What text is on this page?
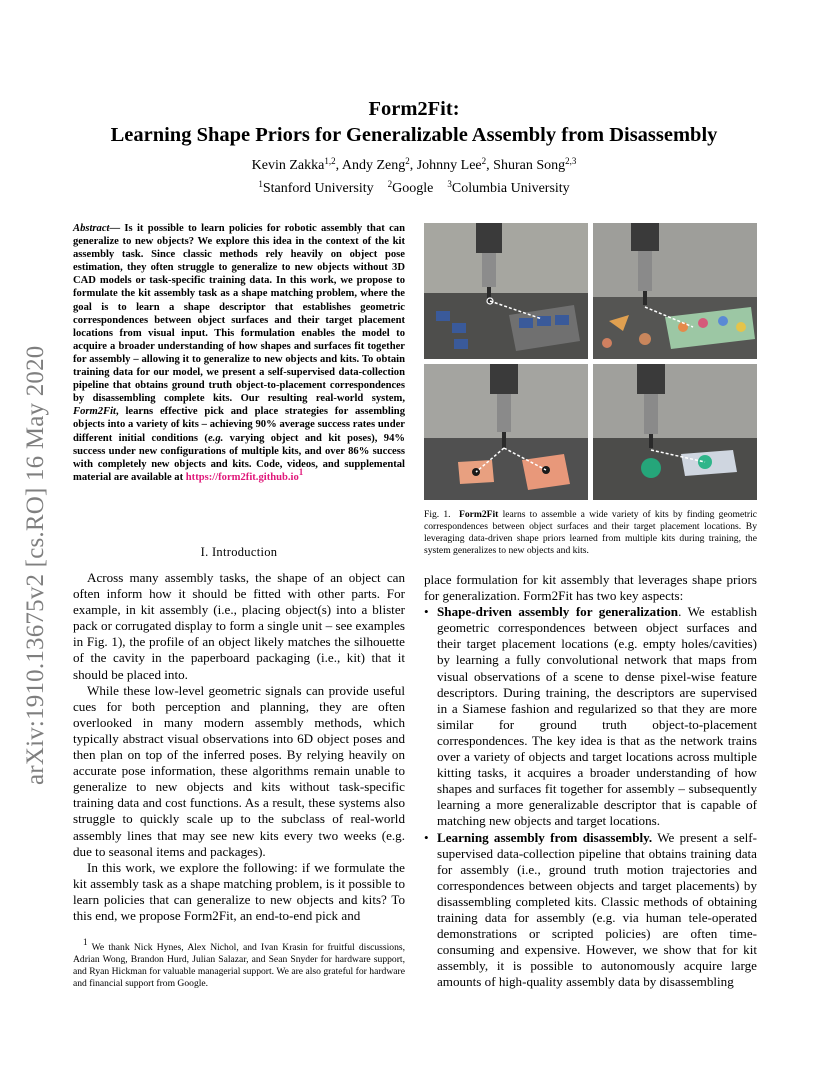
arXiv:1910.13675v2 [cs.RO] 16 May 2020
Form2Fit:
Learning Shape Priors for Generalizable Assembly from Disassembly
Kevin Zakka$^{1,2}$, Andy Zeng$^2$, Johnny Lee$^2$, Shuran Song$^{2,3}$
$^1$Stanford University $^2$Google $^3$Columbia University
Abstract— Is it possible to learn policies for robotic assembly that can generalize to new objects? We explore this idea in the context of the kit assembly task. Since classic methods rely heavily on object pose estimation, they often struggle to generalize to new objects without 3D CAD models or task-specific training data. In this work, we propose to formulate the kit assembly task as a shape matching problem, where the goal is to learn a shape descriptor that establishes geometric correspondences between object surfaces and their target placement locations from visual input. This formulation enables the model to acquire a broader understanding of how shapes and surfaces fit together for assembly – allowing it to generalize to new objects and kits. To obtain training data for our model, we present a self-supervised data-collection pipeline that obtains ground truth object-to-placement correspondences by disassembling complete kits. Our resulting real-world system, Form2Fit, learns effective pick and place strategies for assembling objects into a variety of kits – achieving 90% average success rates under different initial conditions (e.g. varying object and kit poses), 94% success under new configurations of multiple kits, and over 86% success with completely new objects and kits. Code, videos, and supplemental material are available at $https://form2fit.github.io^1$
I. Introduction

Across many assembly tasks, the shape of an object can often inform how it should be fitted with other parts. For example, in kit assembly (i.e., placing object(s) into a blister pack or corrugated display to form a single unit – see examples in Fig. 1), the profile of an object likely matches the silhouette of the cavity in the paperboard packaging (i.e., kit) that it should be placed into.

While these low-level geometric signals can provide useful cues for both perception and planning, they are often overlooked in many modern assembly methods, which typically abstract visual observations into 6D object poses and then plan on top of the inferred poses. By relying heavily on accurate pose information, these algorithms remain unable to generalize to new objects and kits without task-specific training data and cost functions. As a result, these systems also struggle to quickly scale up to the subclass of real-world assembly lines that may see new kits every two weeks (e.g. due to seasonal items and packages).

In this work, we explore the following: if we formulate the kit assembly task as a shape matching problem, is it possible to learn policies that can generalize to new objects and kits? To this end, we propose Form2Fit, an end-to-end pick and

$^1$ We thank Nick Hynes, Alex Nichol, and Ivan Krasin for fruitful discussions, Adrian Wong, Brandon Hurd, Julian Salazar, and Sean Snyder for hardware support, and Ryan Hickman for valuable managerial support. We are also grateful for hardware and financial support from Google.

Fig. 1. Form2Fit learns to assemble a wide variety of kits by finding geometric correspondences between object surfaces and their target placement locations. By leveraging data-driven shape priors learned from multiple kits during training, the system generalizes to new objects and kits.

place formulation for kit assembly that leverages shape priors for generalization. Form2Fit has two key aspects:

• Shape-driven assembly for generalization. We establish geometric correspondences between object surfaces and their target placement locations (e.g. empty holes/cavities) by learning a fully convolutional network that maps from visual observations of a scene to dense pixel-wise feature descriptors. During training, the descriptors are supervised in a Siamese fashion and regularized so that they are more similar for ground truth object-to-placement correspondences. The key idea is that as the network trains over a variety of objects and target locations across multiple kitting tasks, it acquires a broader understanding of how shapes and surfaces fit together for assembly – subsequently learning a more generalizable descriptor that is capable of matching new objects and target locations.
• Learning assembly from disassembly. We present a self-supervised data-collection pipeline that obtains training data for assembly (i.e., ground truth motion trajectories and correspondences between objects and target placements) by disassembling completed kits. Classic methods of obtaining training data for assembly (e.g. via human tele-operated demonstrations or scripted policies) are often time-consuming and expensive. However, we show that for kit assembly, it is possible to autonomously acquire large amounts of high-quality assembly data by disassembling
